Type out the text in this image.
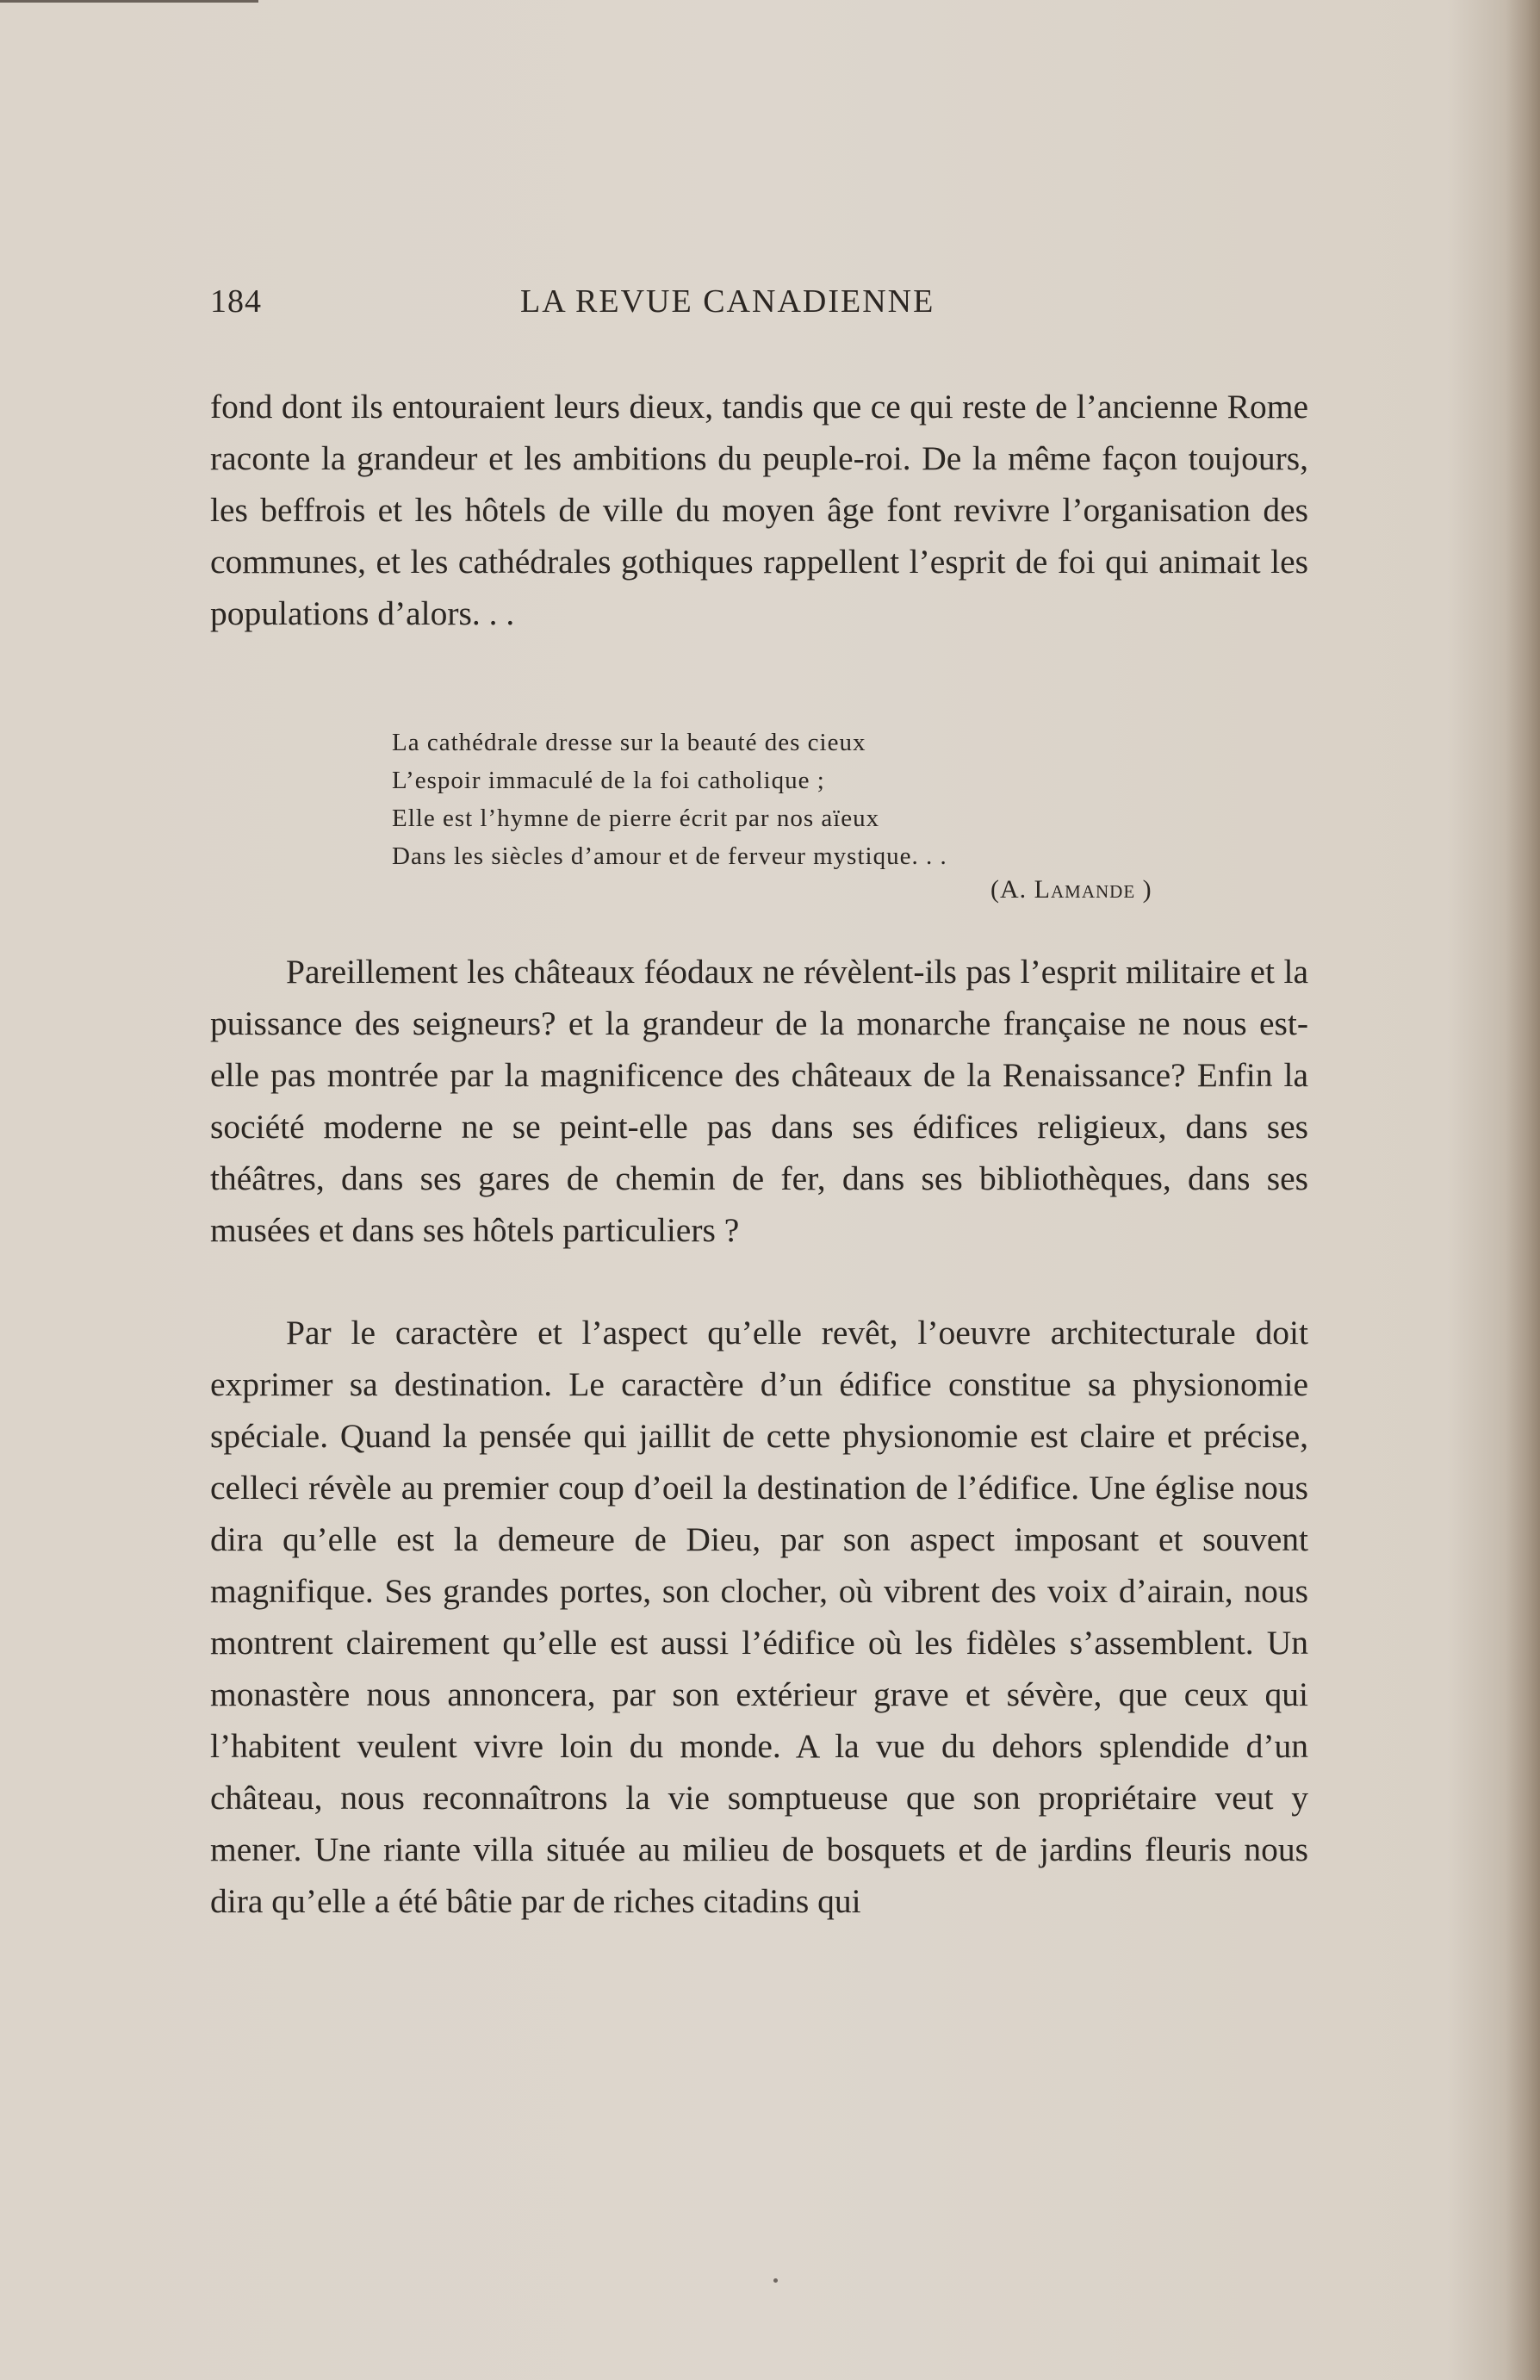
184	LA REVUE CANADIENNE

fond dont ils entouraient leurs dieux, tandis que ce qui reste de l’ancienne Rome raconte la grandeur et les ambitions du peuple-roi. De la même façon toujours, les beffrois et les hôtels de ville du moyen âge font revivre l’organisation des communes, et les cathédrales gothiques rappellent l’esprit de foi qui animait les populations d’alors. . .

La cathédrale dresse sur la beauté des cieux
L’espoir immaculé de la foi catholique ;
Elle est l’hymne de pierre écrit par nos aïeux
Dans les siècles d’amour et de ferveur mystique. . .
(A. Lamande )

Pareillement les châteaux féodaux ne révèlent-ils pas l’esprit militaire et la puissance des seigneurs? et la grandeur de la monarche française ne nous est-elle pas montrée par la magnificence des châteaux de la Renaissance? Enfin la société moderne ne se peint-elle pas dans ses édifices religieux, dans ses théâtres, dans ses gares de chemin de fer, dans ses bibliothèques, dans ses musées et dans ses hôtels particuliers ?

Par le caractère et l’aspect qu’elle revêt, l’oeuvre architecturale doit exprimer sa destination. Le caractère d’un édifice constitue sa physionomie spéciale. Quand la pensée qui jaillit de cette physionomie est claire et précise, celleci révèle au premier coup d’oeil la destination de l’édifice. Une église nous dira qu’elle est la demeure de Dieu, par son aspect imposant et souvent magnifique. Ses grandes portes, son clocher, où vibrent des voix d’airain, nous montrent clairement qu’elle est aussi l’édifice où les fidèles s’assemblent. Un monastère nous annoncera, par son extérieur grave et sévère, que ceux qui l’habitent veulent vivre loin du monde. A la vue du dehors splendide d’un château, nous reconnaîtrons la vie somptueuse que son propriétaire veut y mener. Une riante villa située au milieu de bosquets et de jardins fleuris nous dira qu’elle a été bâtie par de riches citadins qui
